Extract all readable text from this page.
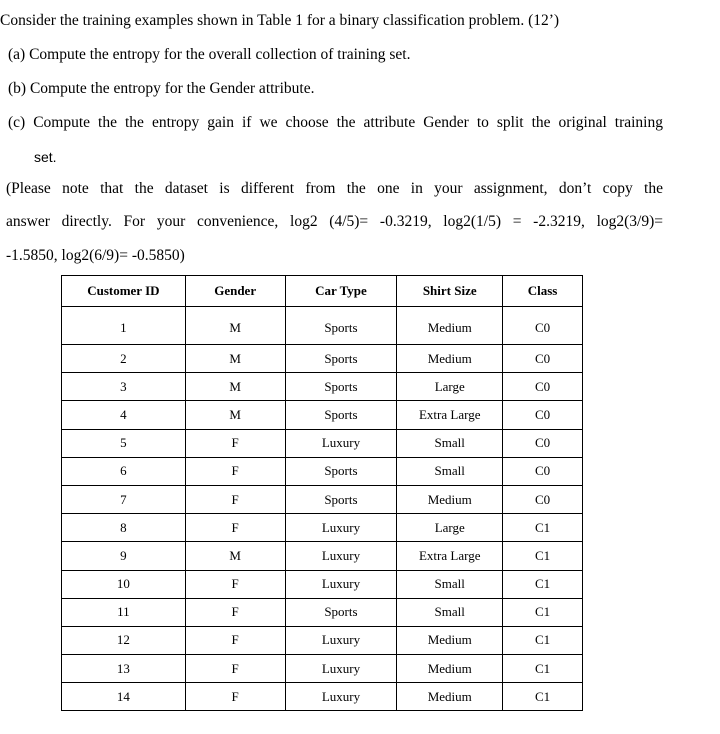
Consider the training examples shown in Table 1 for a binary classification problem. (12’)
(a) Compute the entropy for the overall collection of training set.
(b) Compute the entropy for the Gender attribute.
(c) Compute the the entropy gain if we choose the attribute Gender to split the original training
set.
(Please note that the dataset is different from the one in your assignment, don’t copy the
answer directly. For your convenience, log2 (4/5)= -0.3219, log2(1/5) = -2.3219, log2(3/9)=
-1.5850, log2(6/9)= -0.5850)
Customer ID	Gender	Car Type	Shirt Size	Class
1	M	Sports	Medium	C0
2	M	Sports	Medium	C0
3	M	Sports	Large	C0
4	M	Sports	Extra Large	C0
5	F	Luxury	Small	C0
6	F	Sports	Small	C0
7	F	Sports	Medium	C0
8	F	Luxury	Large	C1
9	M	Luxury	Extra Large	C1
10	F	Luxury	Small	C1
11	F	Sports	Small	C1
12	F	Luxury	Medium	C1
13	F	Luxury	Medium	C1
14	F	Luxury	Medium	C1
